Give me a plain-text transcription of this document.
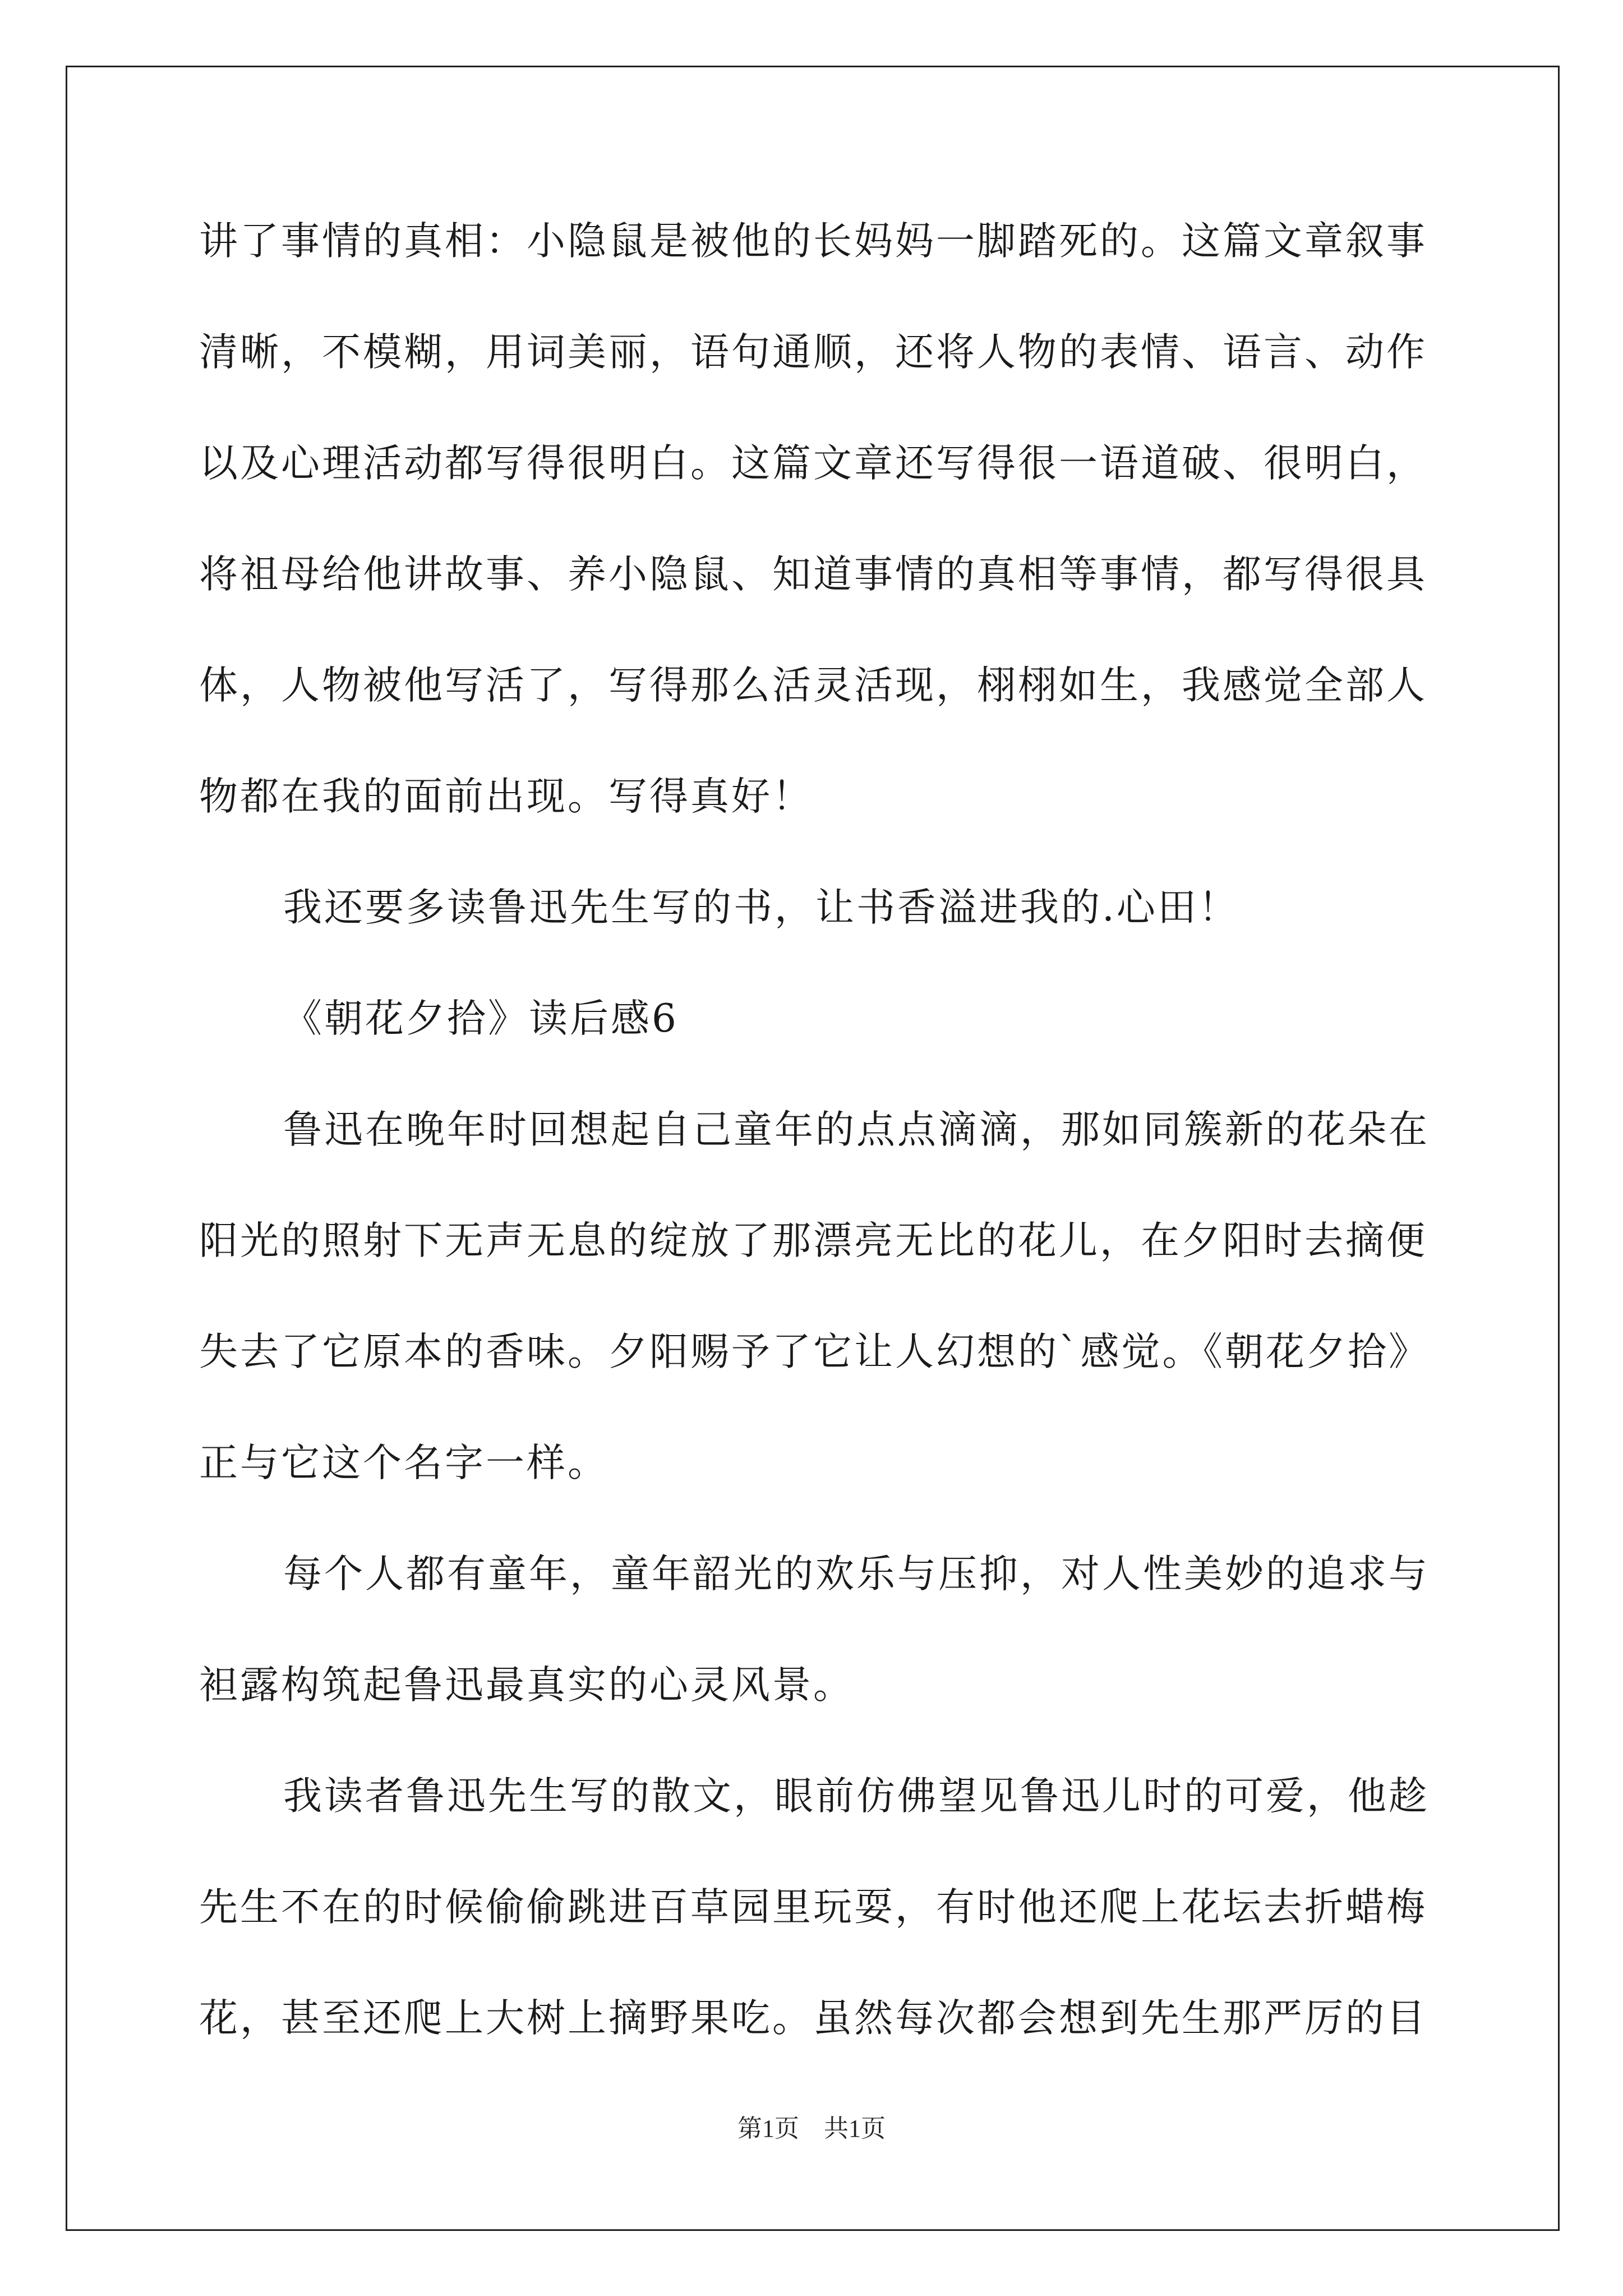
讲了事情的真相：小隐鼠是被他的长妈妈一脚踏死的。这篇文章叙事
清晰，不模糊，用词美丽，语句通顺，还将人物的表情、语言、动作
以及心理活动都写得很明白。这篇文章还写得很一语道破、很明白，
将祖母给他讲故事、养小隐鼠、知道事情的真相等事情，都写得很具
体，人物被他写活了，写得那么活灵活现，栩栩如生，我感觉全部人
物都在我的面前出现。写得真好！
我还要多读鲁迅先生写的书，让书香溢进我的.心田！
《朝花夕拾》读后感6
鲁迅在晚年时回想起自己童年的点点滴滴，那如同簇新的花朵在
阳光的照射下无声无息的绽放了那漂亮无比的花儿，在夕阳时去摘便
失去了它原本的香味。夕阳赐予了它让人幻想的`感觉。《朝花夕拾》
正与它这个名字一样。
每个人都有童年，童年韶光的欢乐与压抑，对人性美妙的追求与
袒露构筑起鲁迅最真实的心灵风景。
我读者鲁迅先生写的散文，眼前仿佛望见鲁迅儿时的可爱，他趁
先生不在的时候偷偷跳进百草园里玩耍，有时他还爬上花坛去折蜡梅
花，甚至还爬上大树上摘野果吃。虽然每次都会想到先生那严厉的目
第1页　共1页
